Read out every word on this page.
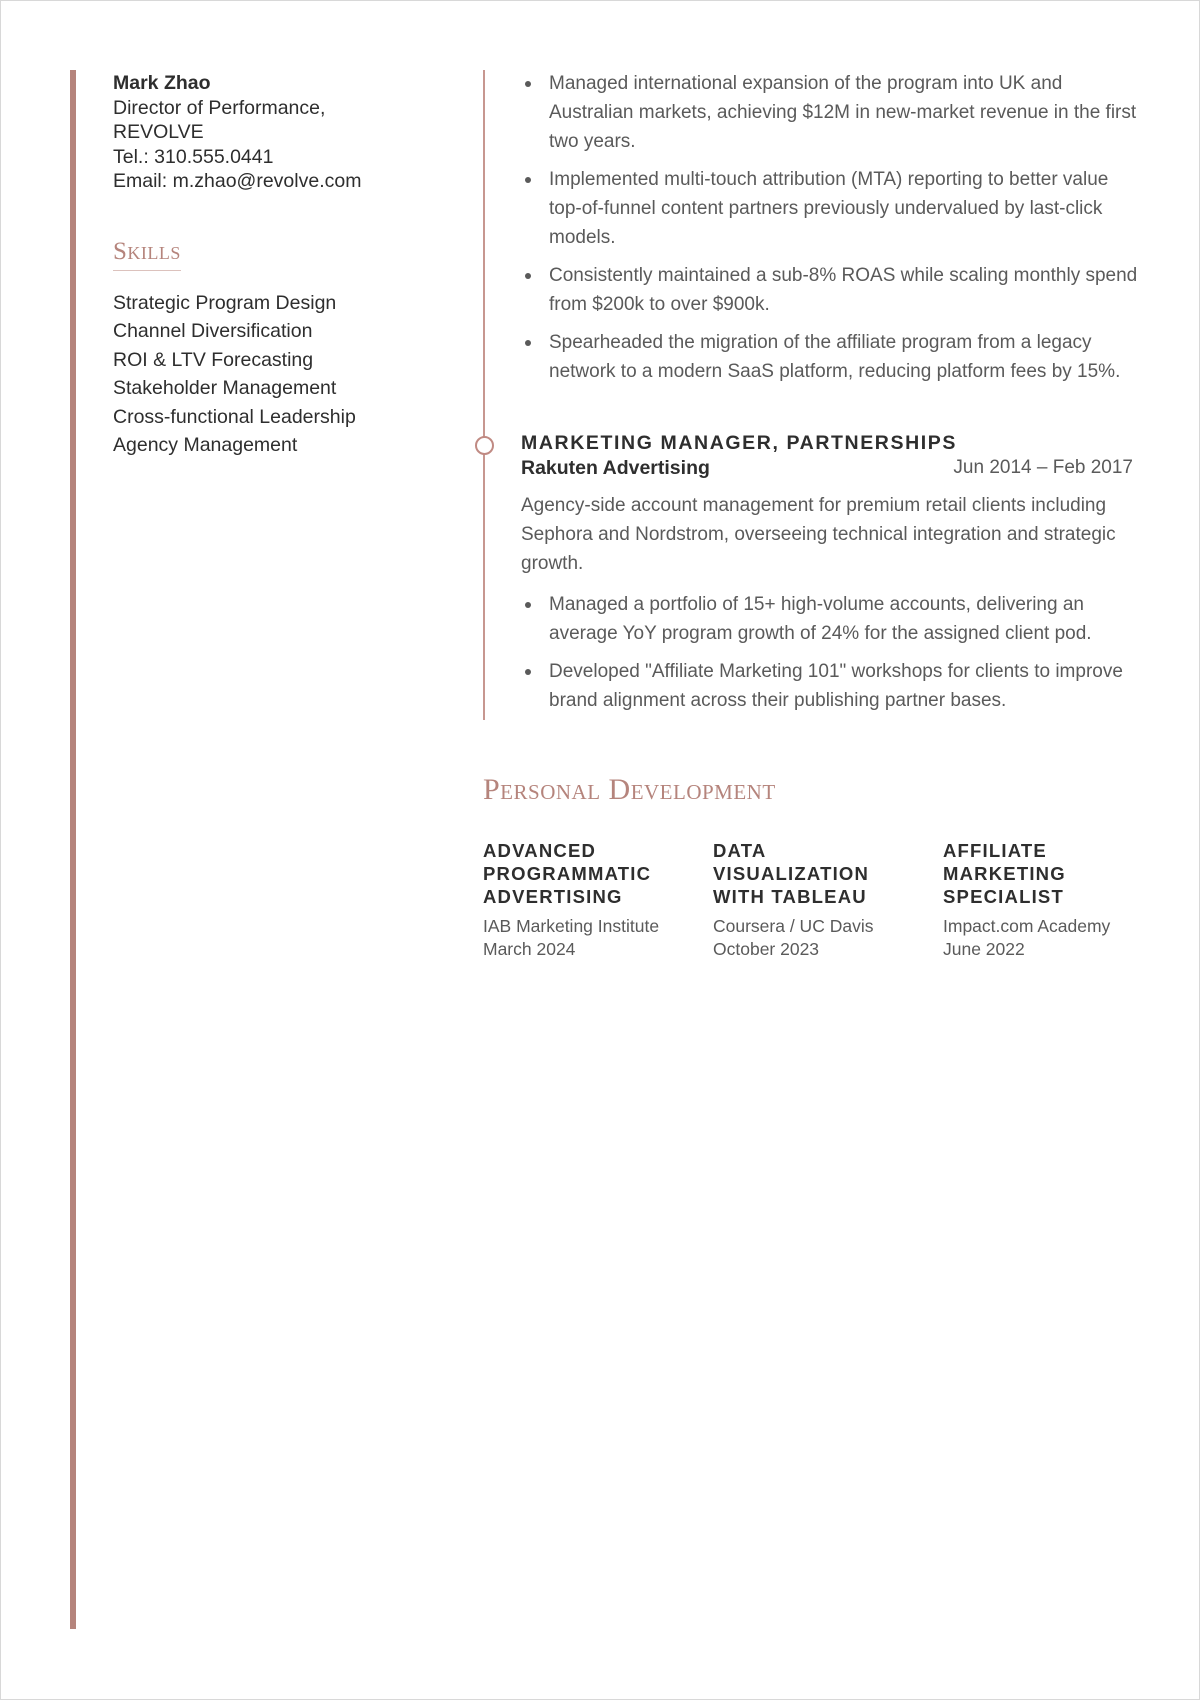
Mark Zhao
Director of Performance, REVOLVE
Tel.: 310.555.0441
Email: m.zhao@revolve.com
Skills
Strategic Program Design
Channel Diversification
ROI & LTV Forecasting
Stakeholder Management
Cross-functional Leadership
Agency Management
Managed international expansion of the program into UK and Australian markets, achieving $12M in new-market revenue in the first two years.
Implemented multi-touch attribution (MTA) reporting to better value top-of-funnel content partners previously undervalued by last-click models.
Consistently maintained a sub-8% ROAS while scaling monthly spend from $200k to over $900k.
Spearheaded the migration of the affiliate program from a legacy network to a modern SaaS platform, reducing platform fees by 15%.
MARKETING MANAGER, PARTNERSHIPS
Rakuten Advertising	Jun 2014 – Feb 2017
Agency-side account management for premium retail clients including Sephora and Nordstrom, overseeing technical integration and strategic growth.
Managed a portfolio of 15+ high-volume accounts, delivering an average YoY program growth of 24% for the assigned client pod.
Developed "Affiliate Marketing 101" workshops for clients to improve brand alignment across their publishing partner bases.
Personal Development
ADVANCED PROGRAMMATIC ADVERTISING
IAB Marketing Institute
March 2024
DATA VISUALIZATION WITH TABLEAU
Coursera / UC Davis
October 2023
AFFILIATE MARKETING SPECIALIST
Impact.com Academy
June 2022
